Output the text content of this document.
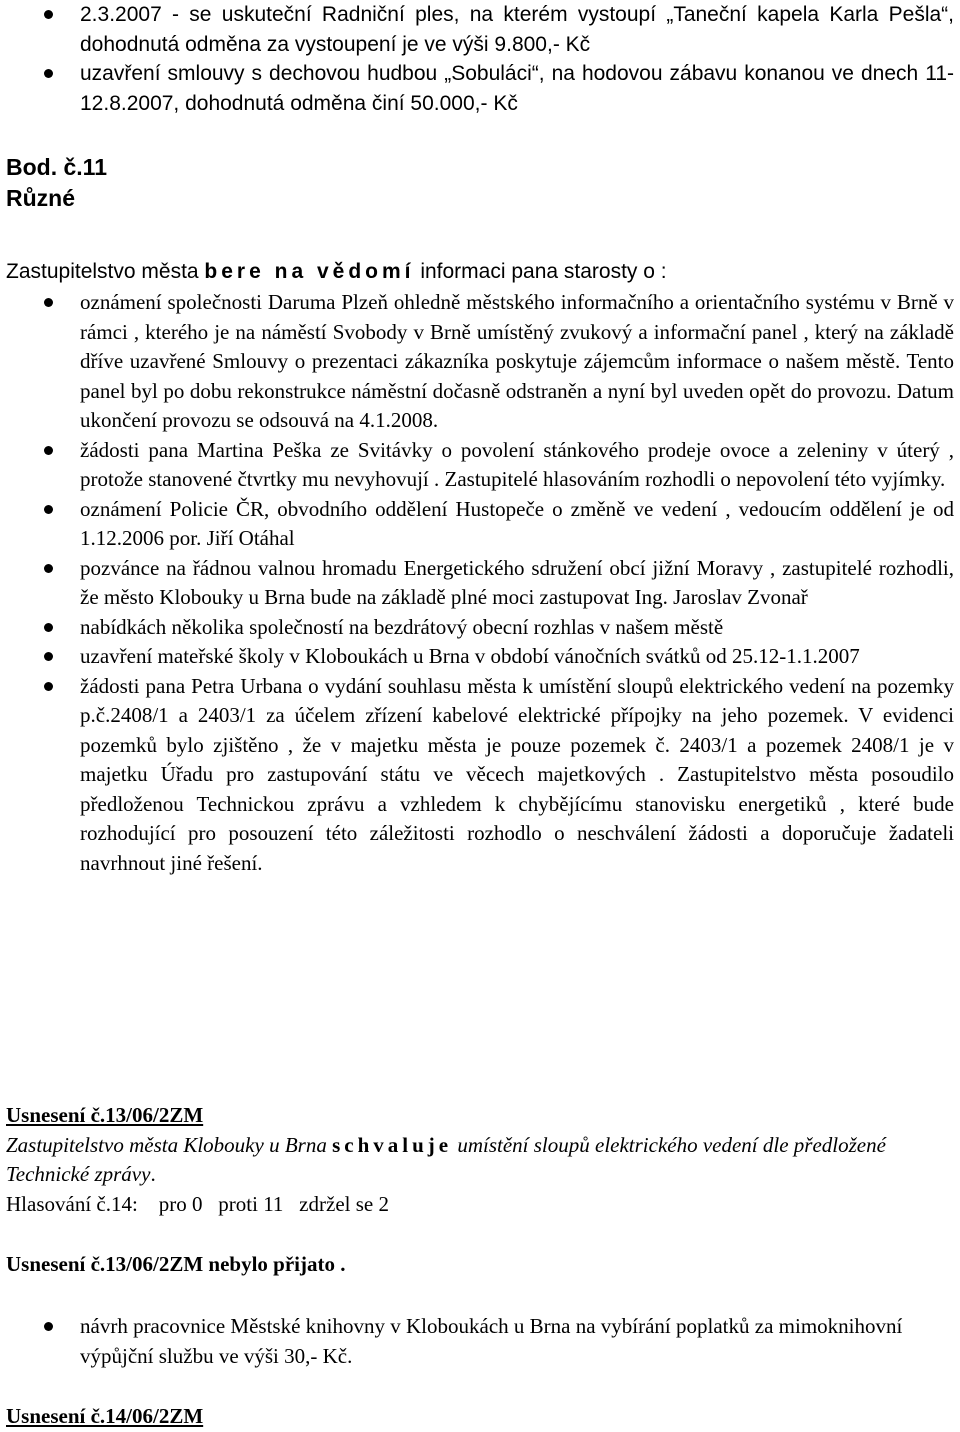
2.3.2007 - se uskuteční Radniční ples, na kterém vystoupí „Taneční kapela Karla Pešla“, dohodnutá odměna za vystoupení je ve výši 9.800,- Kč
uzavření smlouvy s dechovou hudbou „Sobuláci“, na hodovou zábavu konanou ve dnech 11-12.8.2007, dohodnutá odměna činí 50.000,- Kč
Bod. č.11
Různé

Zastupitelstvo města bere na vědomí informaci pana starosty o :

oznámení společnosti Daruma Plzeň ohledně městského informačního a orientačního systému v Brně v rámci , kterého je na náměstí Svobody v Brně umístěný zvukový a informační panel , který na základě dříve uzavřené Smlouvy o prezentaci zákazníka poskytuje zájemcům informace o našem městě. Tento panel byl po dobu rekonstrukce náměstní dočasně odstraněn a nyní byl uveden opět do provozu. Datum ukončení provozu se odsouvá na 4.1.2008.
žádosti pana Martina Peška ze Svitávky o povolení stánkového prodeje ovoce a zeleniny v úterý , protože stanovené čtvrtky mu nevyhovují . Zastupitelé hlasováním rozhodli o nepovolení této vyjímky.
oznámení Policie ČR, obvodního oddělení Hustopeče o změně ve vedení , vedoucím oddělení je od 1.12.2006 por. Jiří Otáhal
pozvánce na řádnou valnou hromadu Energetického sdružení obcí jižní Moravy , zastupitelé rozhodli, že město Klobouky u Brna bude na základě plné moci zastupovat Ing. Jaroslav Zvonař
nabídkách několika společností na bezdrátový obecní rozhlas v našem městě
uzavření mateřské školy v Kloboukách u Brna v období vánočních svátků od 25.12-1.1.2007
žádosti pana Petra Urbana o vydání souhlasu města k umístění sloupů elektrického vedení na pozemky p.č.2408/1 a 2403/1 za účelem zřízení kabelové elektrické přípojky na jeho pozemek. V evidenci pozemků bylo zjištěno , že v majetku města je pouze pozemek č. 2403/1 a pozemek 2408/1 je v majetku Úřadu pro zastupování státu ve věcech majetkových . Zastupitelstvo města posoudilo předloženou Technickou zprávu a vzhledem k chybějícímu stanovisku energetiků , které bude rozhodující pro posouzení této záležitosti rozhodlo o neschválení žádosti a doporučuje žadateli navrhnout jiné řešení.

Usnesení č.13/06/2ZM

Zastupitelstvo města Klobouky u Brna schvaluje umístění sloupů elektrického vedení dle předložené Technické zprávy.

Hlasování č.14:    pro 0   proti 11   zdržel se 2

Usnesení č.13/06/2ZM nebylo přijato .

návrh pracovnice Městské knihovny v Kloboukách u Brna na vybírání poplatků za mimoknihovní výpůjční službu ve výši 30,- Kč.

Usnesení č.14/06/2ZM
